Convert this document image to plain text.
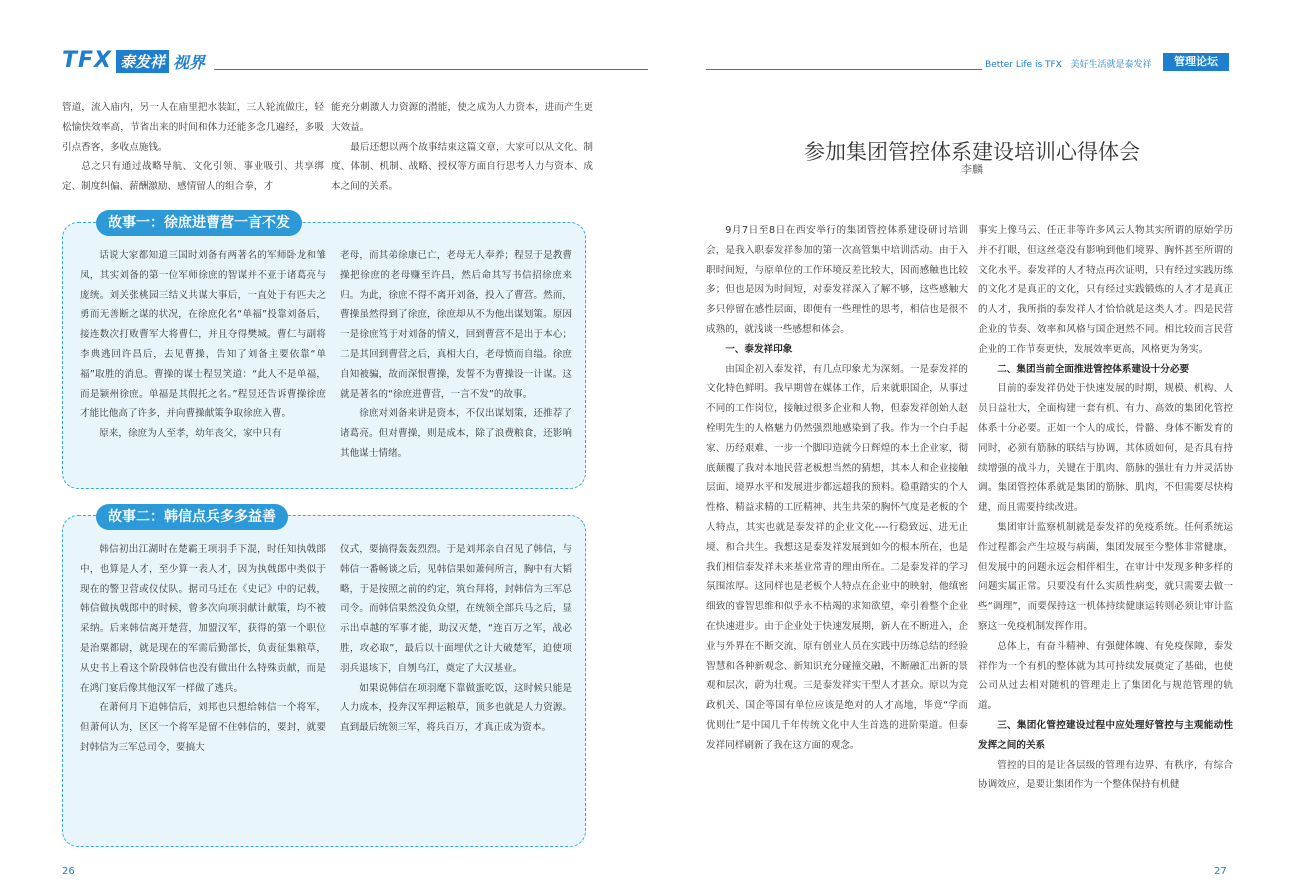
TFX 泰发祥 视界	Better Life is TFX 美好生活就是泰发祥	管理论坛

管道，流入庙内，另一人在庙里把水装缸，三人轮流做庄，轻松愉快效率高，节省出来的时间和体力还能多念几遍经，多吸引点香客，多收点施钱。

总之只有通过战略导航、文化引领、事业吸引、共享绑定、制度纠偏、薪酬激励、感情留人的组合拳，才

能充分刺激人力资源的潜能，使之成为人力资本，进而产生更大效益。

最后还想以两个故事结束这篇文章，大家可以从文化、制度、体制、机制、战略、授权等方面自行思考人力与资本、成本之间的关系。

故事一：徐庶进曹营一言不发

话说大家都知道三国时刘备有两著名的军师卧龙和雏凤，其实刘备的第一位军师徐庶的智谋并不亚于诸葛亮与庞统。刘关张桃园三结义共谋大事后，一直处于有匹夫之勇而无善断之谋的状况，在徐庶化名“单福”投靠刘备后，接连数次打败曹军大将曹仁，并且夺得樊城。曹仁与副将李典逃回许昌后，去见曹操，告知了刘备主要依靠“单福”取胜的消息。曹操的谋士程昱笑道：“此人不是单福，而是颍州徐庶。单福是其假托之名。”程昱还告诉曹操徐庶才能比他高了许多，并向曹操献策争取徐庶入曹。

原来，徐庶为人至孝，幼年丧父，家中只有

老母，而其弟徐康已亡，老母无人奉养；程昱于是教曹操把徐庶的老母赚至许昌，然后命其写书信招徐庶来归。为此，徐庶不得不离开刘备，投入了曹营。然而，曹操虽然得到了徐庶，徐庶却从不为他出谋划策。原因一是徐庶笃于对刘备的情义，回到曹营不是出于本心；二是其回到曹营之后，真相大白，老母愤而自缢。徐庶自知被骗，故而深恨曹操，发誓不为曹操设一计谋。这就是著名的“徐庶进曹营，一言不发”的故事。

徐庶对刘备来讲是资本，不仅出谋划策，还推荐了诸葛亮。但对曹操，则是成本，除了浪费粮食，还影响其他谋士情绪。

故事二：韩信点兵多多益善

韩信初出江湖时在楚霸王项羽手下混，时任知执戟郎中，也算是人才，至少算一表人才，因为执戟郎中类似于现在的警卫营或仪仗队。据司马迁在《史记》中的记载，韩信做执戟郎中的时候，曾多次向项羽献计献策，均不被采纳。后来韩信离开楚营，加盟汉军，获得的第一个职位是治粟都尉，就是现在的军需后勤部长，负责征集粮草，从史书上看这个阶段韩信也没有做出什么特殊贡献，而是在鸿门宴后像其他汉军一样做了逃兵。

在萧何月下追韩信后，刘邦也只想给韩信一个将军，但萧何认为，区区一个将军是留不住韩信的，要封，就要封韩信为三军总司令，要搞大

仪式，要搞得轰轰烈烈。于是刘邦亲自召见了韩信，与韩信一番畅谈之后，见韩信果如萧何所言，胸中有大韬略，于是按照之前的约定，筑台拜将，封韩信为三军总司令。而韩信果然没负众望，在统领全部兵马之后，显示出卓越的军事才能，助汉灭楚，“连百万之军，战必胜，攻必取”，最后以十面埋伏之计大破楚军，迫使项羽兵退垓下，自刎乌江，奠定了大汉基业。

如果说韩信在项羽麾下靠做蛋吃饭，这时候只能是人力成本，投奔汉军押运粮草，顶多也就是人力资源。直到最后统领三军，将兵百万，才真正成为资本。

26
参加集团管控体系建设培训心得体会
李麟

9月7日至8日在西安举行的集团管控体系建设研讨培训会，是我入职泰发祥参加的第一次高管集中培训活动。由于入职时间短，与原单位的工作环境反差比较大，因而感触也比较多；但也是因为时间短，对泰发祥深入了解不够，这些感触大多只停留在感性层面，即便有一些理性的思考，相信也是很不成熟的，就浅谈一些感想和体会。

一、泰发祥印象

由国企初入泰发祥，有几点印象尤为深刻。一是泰发祥的文化特色鲜明。我早期曾在媒体工作，后来就职国企，从事过不同的工作岗位，接触过很多企业和人物，但泰发祥创始人赵栓明先生的人格魅力仍然强烈地感染到了我。作为一个白手起家、历经艰难、一步一个脚印造就今日辉煌的本土企业家，彻底颠覆了我对本地民营老板想当然的猜想，其本人和企业接触层面、境界水平和发展进步都远超我的预料。稳重踏实的个人性格、精益求精的工匠精神、共生共荣的胸怀气度是老板的个人特点，其实也就是泰发祥的企业文化----行稳致远、进无止境、和合共生。我想这是泰发祥发展到如今的根本所在，也是我们相信泰发祥未来基业常青的理由所在。二是泰发祥的学习氛围浓厚。这同样也是老板个人特点在企业中的映射，他缜密细致的睿智思维和似乎永不枯竭的求知欲望，牵引着整个企业在快速进步。由于企业处于快速发展期，新人在不断进入，企业与外界在不断交流，原有创业人员在实践中历练总结的经验智慧和各种新观念、新知识充分碰撞交融，不断融汇出新的景观和层次，蔚为壮观。三是泰发祥实干型人才甚众。原以为竞政机关、国企等国有单位应该是绝对的人才高地，毕竟“学而优则仕”是中国几千年传统文化中人生首选的进阶渠道。但泰发祥同样刷新了我在这方面的观念。

事实上像马云、任正非等许多风云人物其实所谓的原始学历并不打眼，但这丝毫没有影响到他们境界、胸怀甚至所谓的文化水平。泰发祥的人才特点再次证明，只有经过实践历练的文化才是真正的文化，只有经过实践锻炼的人才才是真正的人才，我所指的泰发祥人才恰恰就是这类人才。四是民营企业的节奏、效率和风格与国企迥然不同。相比较而言民营企业的工作节奏更快，发展效率更高，风格更为务实。

二、集团当前全面推进管控体系建设十分必要

目前的泰发祥仍处于快速发展的时期，规模、机构、人员日益壮大，全面构建一套有机、有力、高效的集团化管控体系十分必要。正如一个人的成长，骨骼、身体不断发育的同时，必须有筋脉的联结与协调，其体质如何，是否具有持续增强的战斗力，关键在于肌肉、筋脉的强壮有力并灵活协调。集团管控体系就是集团的筋脉、肌肉，不但需要尽快构建，而且需要持续改进。

集团审计监察机制就是泰发祥的免疫系统。任何系统运作过程都会产生垃圾与病菌，集团发展至今整体非常健康，但发展中的问题永远会相伴相生，在审计中发现多种多样的问题实属正常。只要没有什么实质性病变，就只需要去做一些“调理”，而要保持这一机体持续健康运转则必须让审计监察这一免疫机制发挥作用。

总体上，有奋斗精神、有强健体魄、有免疫保障，泰发祥作为一个有机的整体就为其可持续发展奠定了基础，也使公司从过去相对随机的管理走上了集团化与规范管理的轨道。

三、集团化管控建设过程中应处理好管控与主观能动性发挥之间的关系

管控的目的是让各层级的管理有边界、有秩序，有综合协调效应，是要让集团作为一个整体保持有机健

27
